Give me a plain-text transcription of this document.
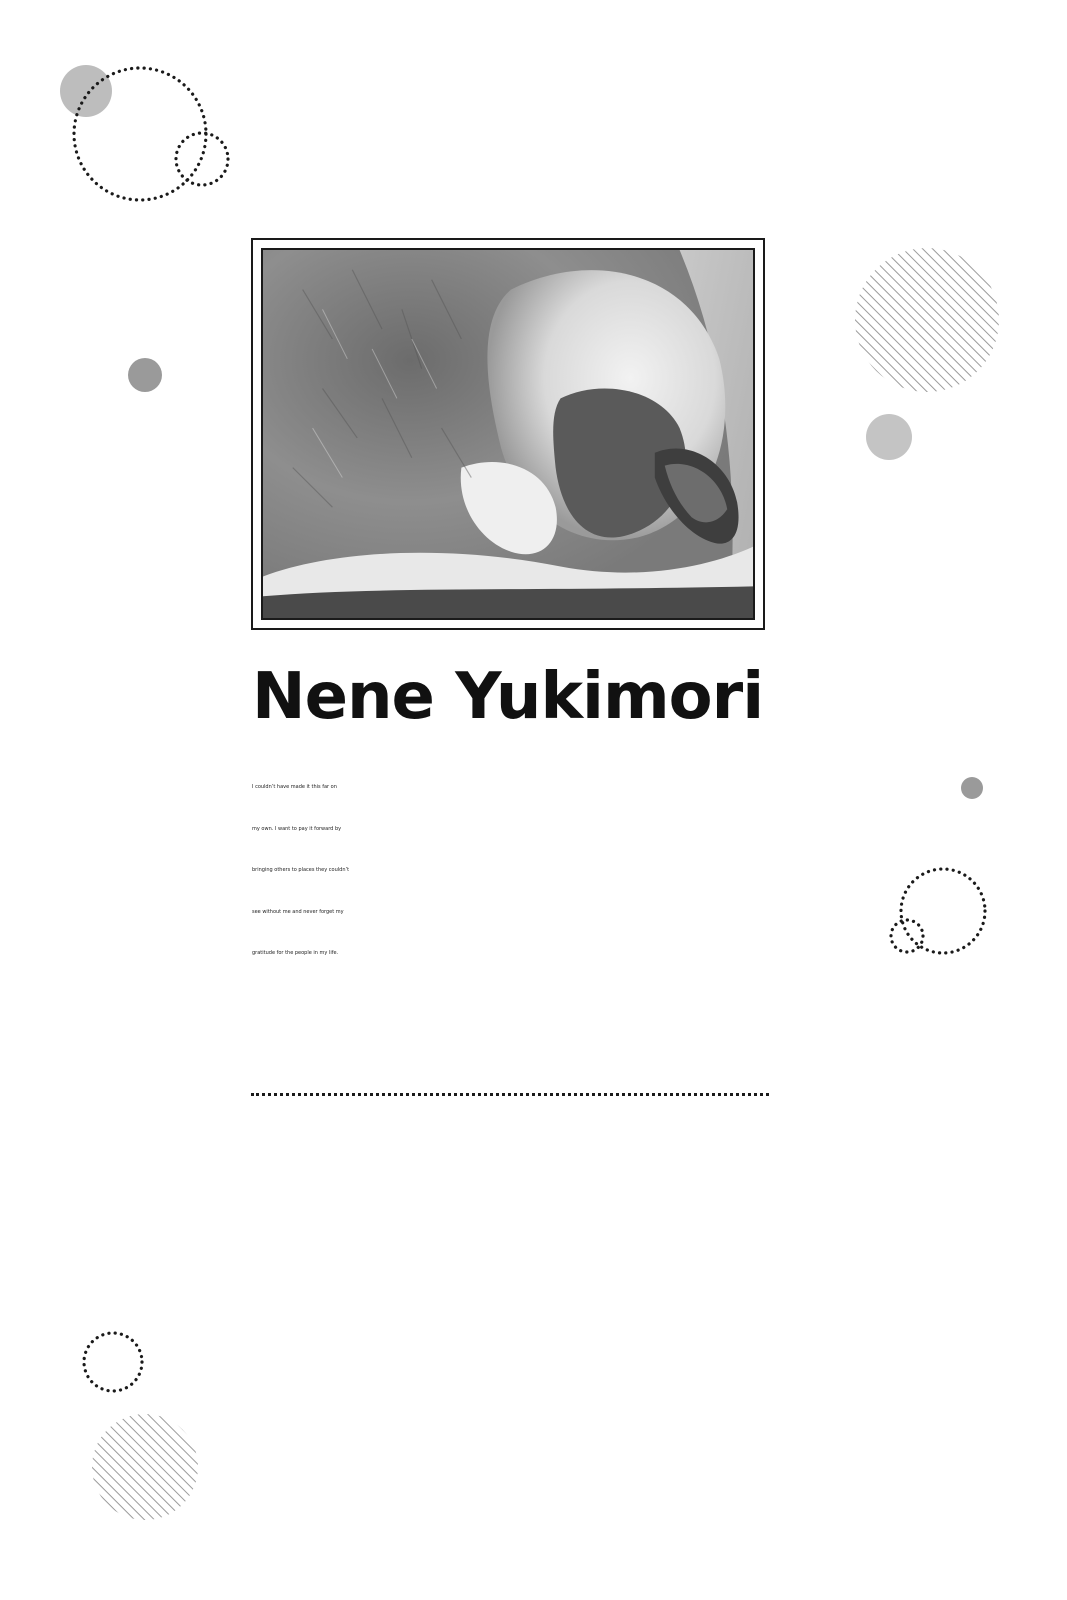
Nene Yukimori

I couldn’t have made it this far on
my own. I want to pay it forward by
bringing others to places they couldn’t
see without me and never forget my
gratitude for the people in my life.
